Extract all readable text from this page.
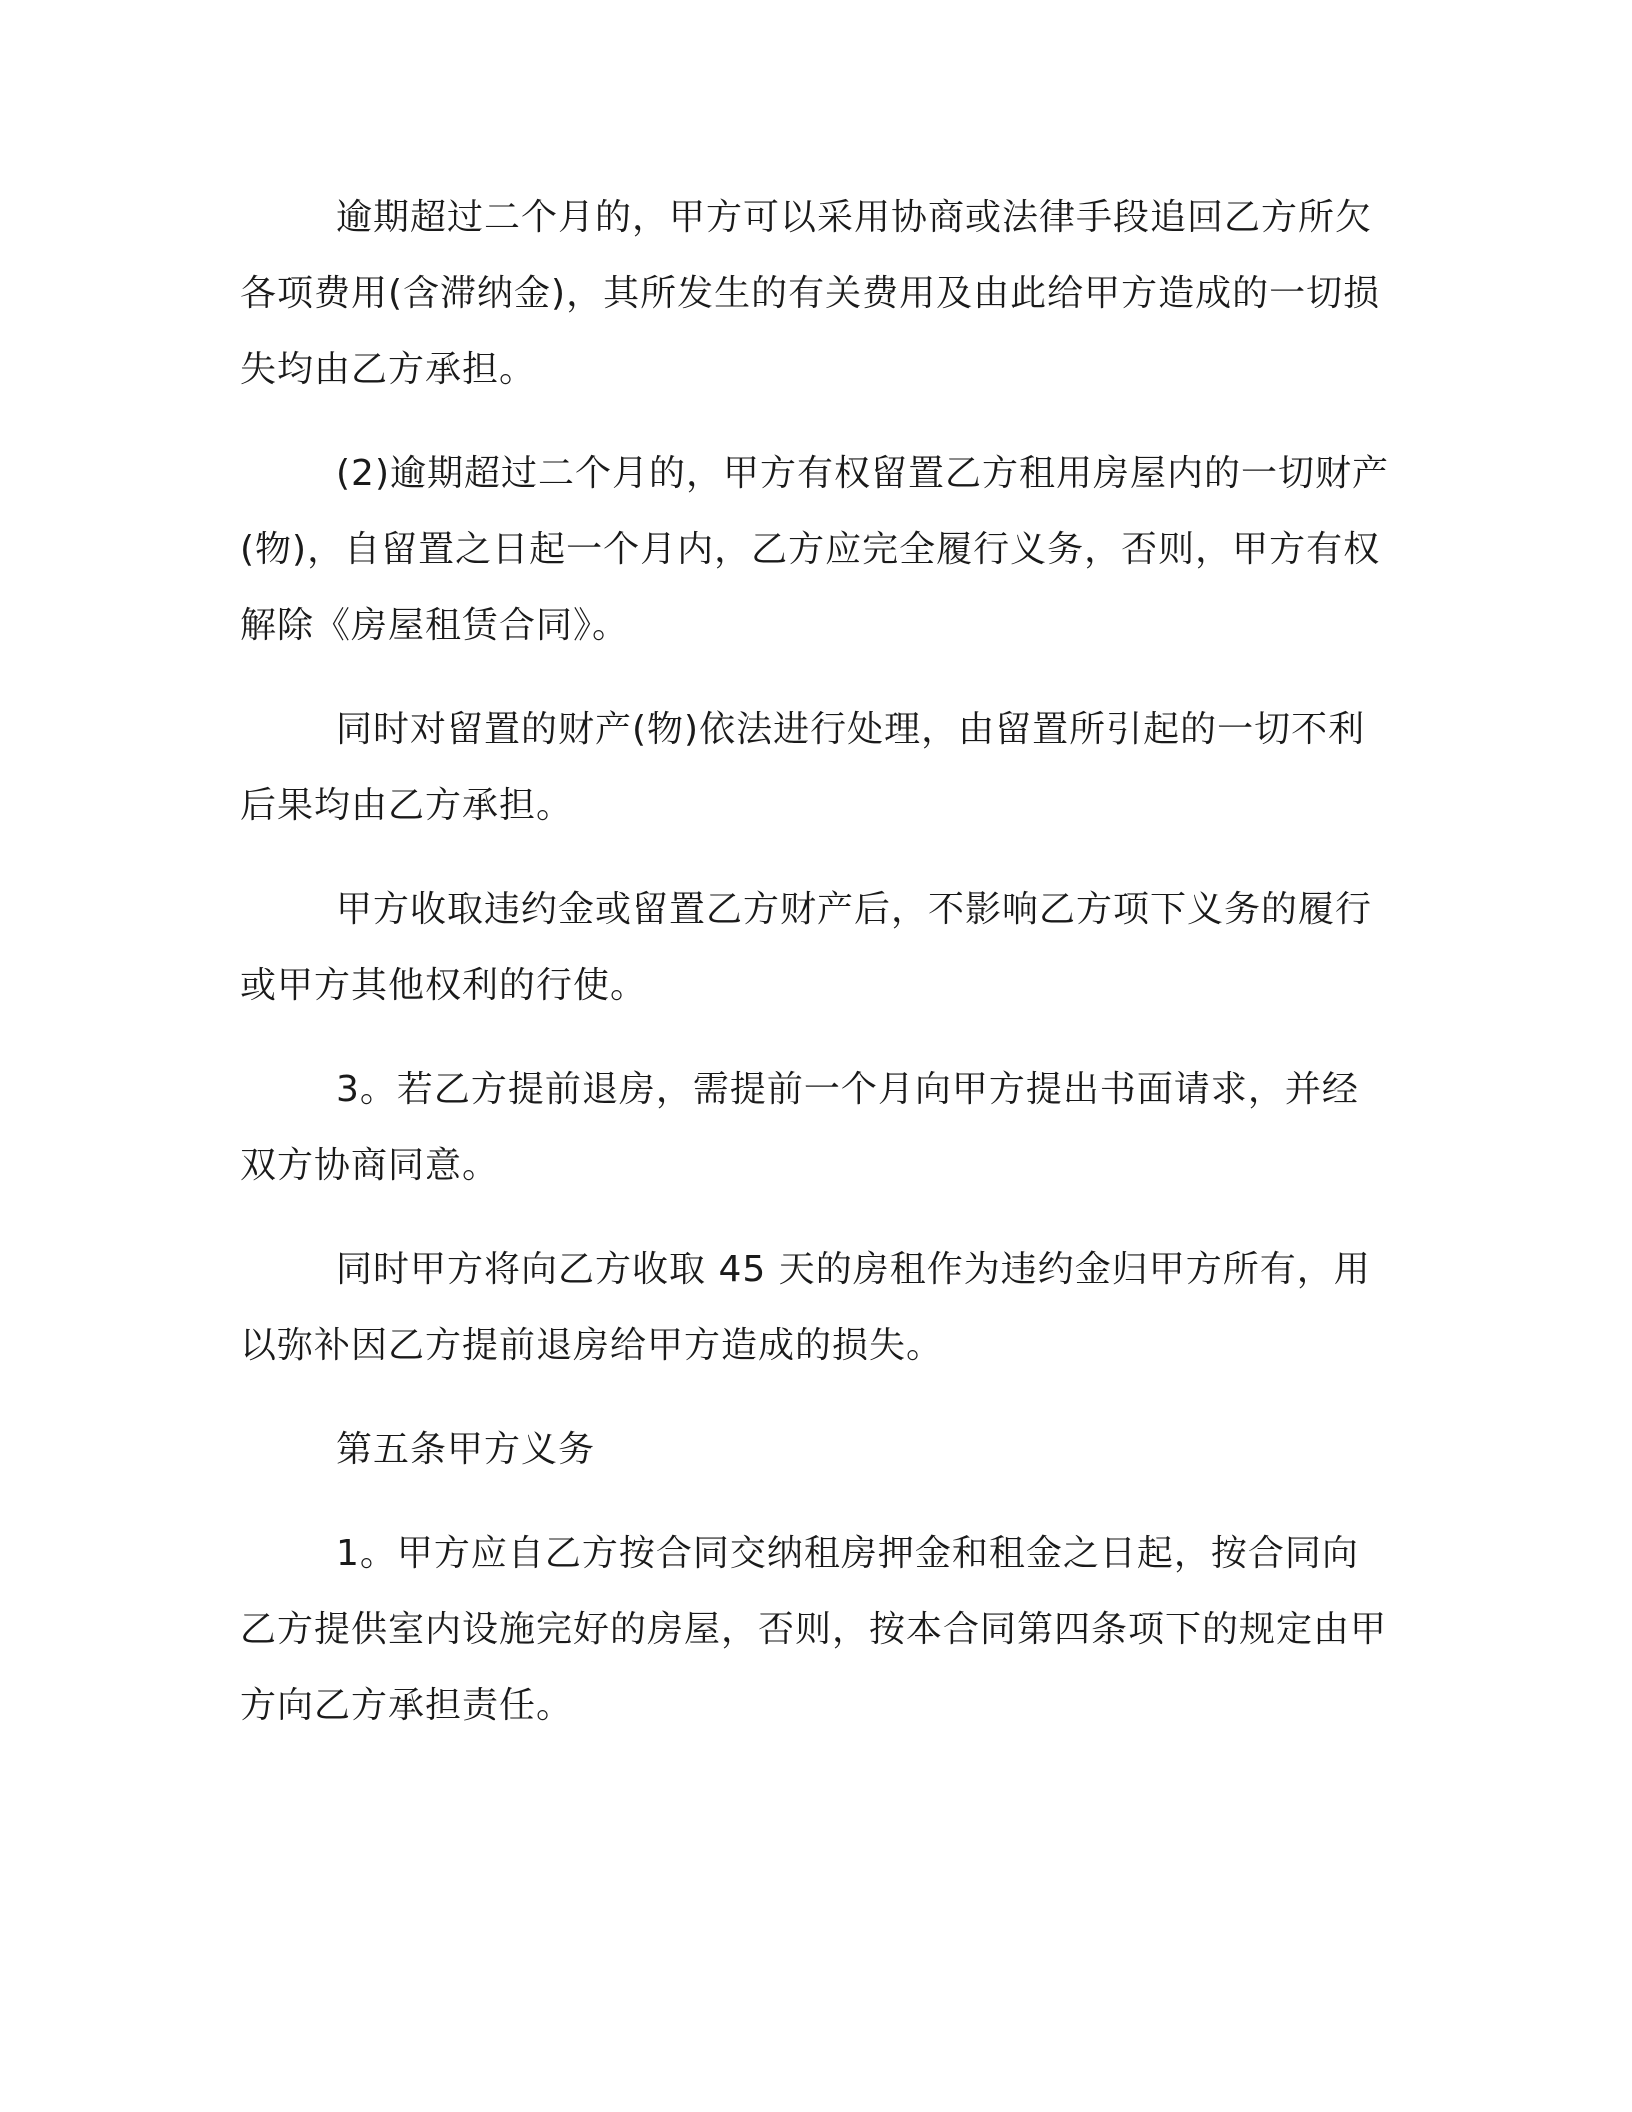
逾期超过二个月的，甲方可以采用协商或法律手段追回乙方所欠各项费用(含滞纳金)，其所发生的有关费用及由此给甲方造成的一切损失均由乙方承担。

(2)逾期超过二个月的，甲方有权留置乙方租用房屋内的一切财产(物)，自留置之日起一个月内，乙方应完全履行义务，否则，甲方有权解除《房屋租赁合同》。

同时对留置的财产(物)依法进行处理，由留置所引起的一切不利后果均由乙方承担。

甲方收取违约金或留置乙方财产后，不影响乙方项下义务的履行或甲方其他权利的行使。

3。若乙方提前退房，需提前一个月向甲方提出书面请求，并经双方协商同意。

同时甲方将向乙方收取 45 天的房租作为违约金归甲方所有，用以弥补因乙方提前退房给甲方造成的损失。

第五条甲方义务

1。甲方应自乙方按合同交纳租房押金和租金之日起，按合同向乙方提供室内设施完好的房屋，否则，按本合同第四条项下的规定由甲方向乙方承担责任。
